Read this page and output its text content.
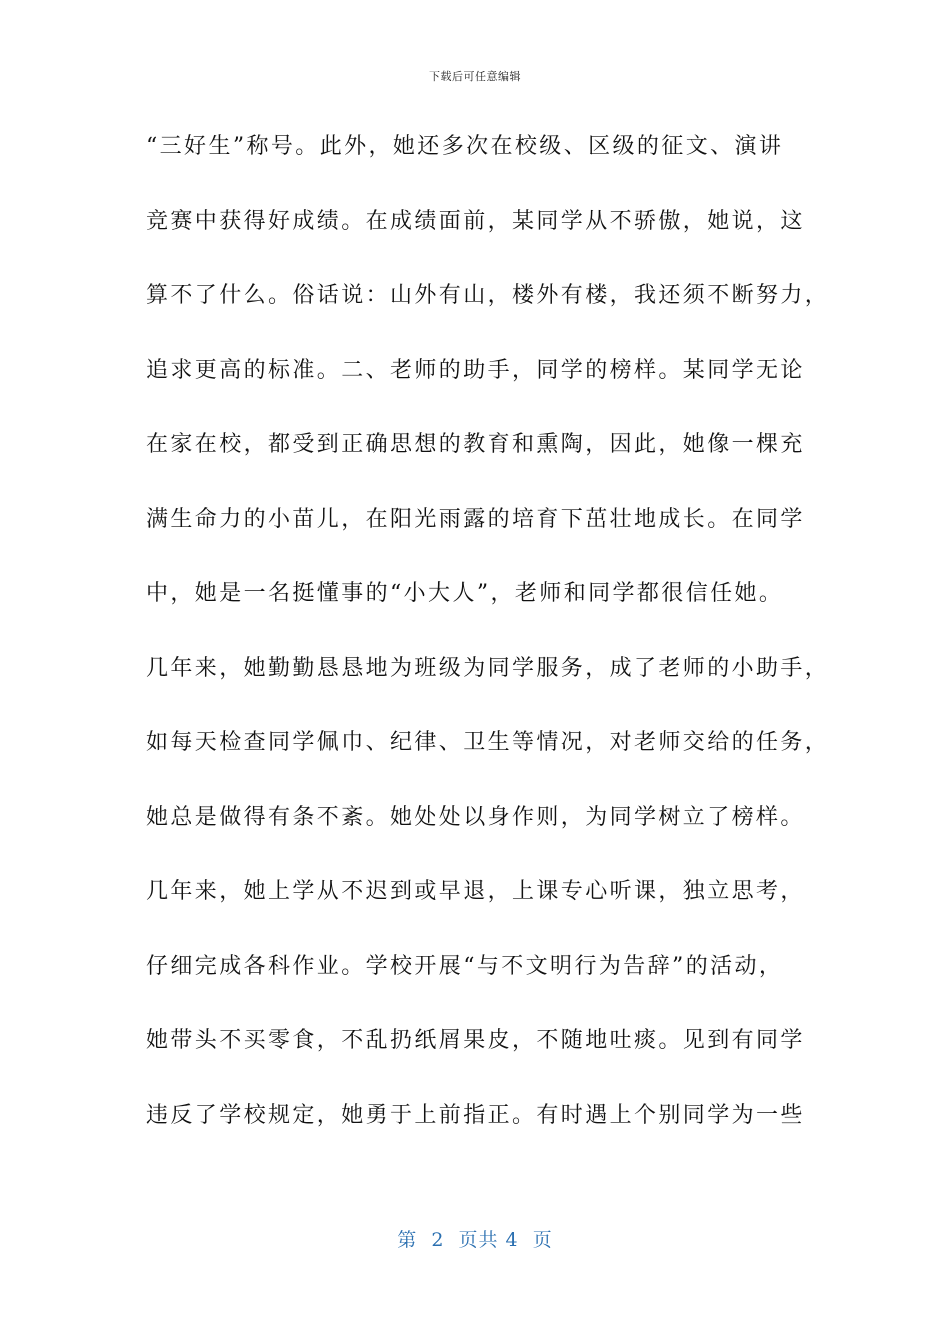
下载后可任意编辑
“三好生”称号。此外，她还多次在校级、区级的征文、演讲
竞赛中获得好成绩。在成绩面前，某同学从不骄傲，她说，这
算不了什么。俗话说：山外有山，楼外有楼，我还须不断努力，
追求更高的标准。二、老师的助手，同学的榜样。某同学无论
在家在校，都受到正确思想的教育和熏陶，因此，她像一棵充
满生命力的小苗儿，在阳光雨露的培育下茁壮地成长。在同学
中，她是一名挺懂事的“小大人”，老师和同学都很信任她。
几年来，她勤勤恳恳地为班级为同学服务，成了老师的小助手，
如每天检查同学佩巾、纪律、卫生等情况，对老师交给的任务，
她总是做得有条不紊。她处处以身作则，为同学树立了榜样。
几年来，她上学从不迟到或早退，上课专心听课，独立思考，
仔细完成各科作业。学校开展“与不文明行为告辞”的活动，
她带头不买零食，不乱扔纸屑果皮，不随地吐痰。见到有同学
违反了学校规定，她勇于上前指正。有时遇上个别同学为一些
第  2  页共 4  页
